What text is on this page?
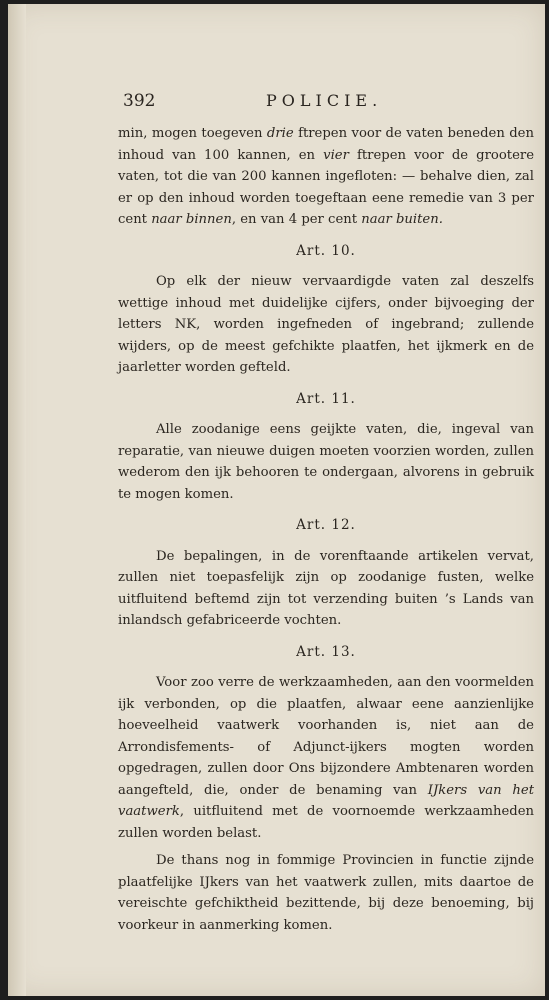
392	POLICIE.

min, mogen toegeven drie ftrepen voor de vaten beneden den inhoud van 100 kannen, en vier ftrepen voor de grootere vaten, tot die van 200 kannen ingefloten: — behalve dien, zal er op den inhoud worden toegeftaan eene remedie van 3 per cent naar binnen, en van 4 per cent naar buiten.

Art. 10.

Op elk der nieuw vervaardigde vaten zal deszelfs wettige inhoud met duidelijke cijfers, onder bijvoeging der letters NK, worden ingefneden of ingebrand; zullende wijders, op de meest gefchikte plaatfen, het ijkmerk en de jaarletter worden gefteld.

Art. 11.

Alle zoodanige eens geijkte vaten, die, ingeval van reparatie, van nieuwe duigen moeten voorzien worden, zullen wederom den ijk behooren te ondergaan, alvorens in gebruik te mogen komen.

Art. 12.

De bepalingen, in de vorenftaande artikelen vervat, zullen niet toepasfelijk zijn op zoodanige fusten, welke uitfluitend beftemd zijn tot verzending buiten ’s Lands van inlandsch gefabriceerde vochten.

Art. 13.

Voor zoo verre de werkzaamheden, aan den voormelden ijk verbonden, op die plaatfen, alwaar eene aanzienlijke hoeveelheid vaatwerk voorhanden is, niet aan de Arrondisfements- of Adjunct-ijkers mogten worden opgedragen, zullen door Ons bijzondere Ambtenaren worden aangefteld, die, onder de benaming van IJkers van het vaatwerk, uitfluitend met de voornoemde werkzaamheden zullen worden belast.

De thans nog in fommige Provincien in functie zijnde plaatfelijke IJkers van het vaatwerk zullen, mits daartoe de vereischte gefchiktheid bezittende, bij deze benoeming, bij voorkeur in aanmerking komen.
